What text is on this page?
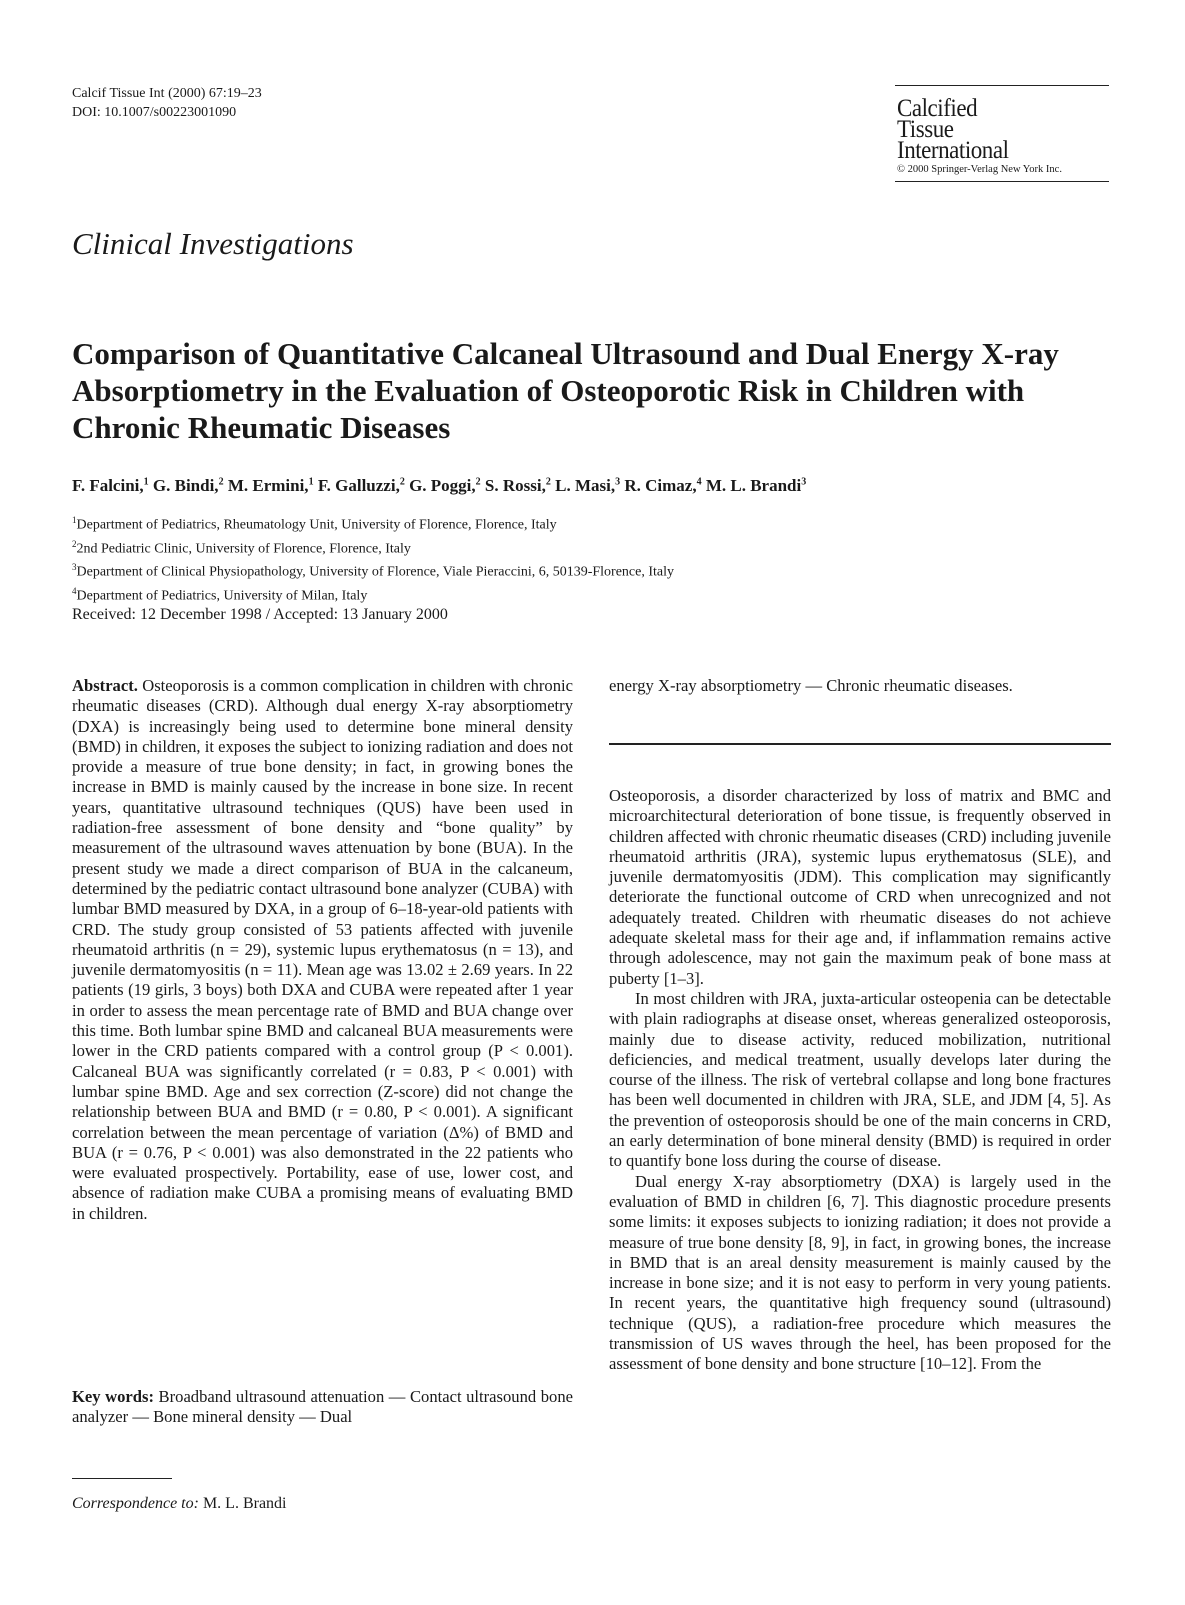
Calcif Tissue Int (2000) 67:19–23
DOI: 10.1007/s00223001090	Calcified
Tissue
International
© 2000 Springer-Verlag New York Inc.
Clinical Investigations
Comparison of Quantitative Calcaneal Ultrasound and Dual Energy X-ray Absorptiometry in the Evaluation of Osteoporotic Risk in Children with Chronic Rheumatic Diseases
F. Falcini,$^1$ G. Bindi,$^2$ M. Ermini,$^1$ F. Galluzzi,$^2$ G. Poggi,$^2$ S. Rossi,$^2$ L. Masi,$^3$ R. Cimaz,$^4$ M. L. Brandi$^3$
$^1$Department of Pediatrics, Rheumatology Unit, University of Florence, Florence, Italy
$^2$2nd Pediatric Clinic, University of Florence, Florence, Italy
$^3$Department of Clinical Physiopathology, University of Florence, Viale Pieraccini, 6, 50139-Florence, Italy
$^4$Department of Pediatrics, University of Milan, Italy
Received: 12 December 1998 / Accepted: 13 January 2000
Abstract. Osteoporosis is a common complication in children with chronic rheumatic diseases (CRD). Although dual energy X-ray absorptiometry (DXA) is increasingly being used to determine bone mineral density (BMD) in children, it exposes the subject to ionizing radiation and does not provide a measure of true bone density; in fact, in growing bones the increase in BMD is mainly caused by the increase in bone size. In recent years, quantitative ultrasound techniques (QUS) have been used in radiation-free assessment of bone density and “bone quality” by measurement of the ultrasound waves attenuation by bone (BUA). In the present study we made a direct comparison of BUA in the calcaneum, determined by the pediatric contact ultrasound bone analyzer (CUBA) with lumbar BMD measured by DXA, in a group of 6–18-year-old patients with CRD. The study group consisted of 53 patients affected with juvenile rheumatoid arthritis (n = 29), systemic lupus erythematosus (n = 13), and juvenile dermatomyositis (n = 11). Mean age was 13.02 ± 2.69 years. In 22 patients (19 girls, 3 boys) both DXA and CUBA were repeated after 1 year in order to assess the mean percentage rate of BMD and BUA change over this time. Both lumbar spine BMD and calcaneal BUA measurements were lower in the CRD patients compared with a control group (P < 0.001). Calcaneal BUA was significantly correlated (r = 0.83, P < 0.001) with lumbar spine BMD. Age and sex correction (Z-score) did not change the relationship between BUA and BMD (r = 0.80, P < 0.001). A significant correlation between the mean percentage of variation (Δ%) of BMD and BUA (r = 0.76, P < 0.001) was also demonstrated in the 22 patients who were evaluated prospectively. Portability, ease of use, lower cost, and absence of radiation make CUBA a promising means of evaluating BMD in children.
Key words: Broadband ultrasound attenuation — Contact ultrasound bone analyzer — Bone mineral density — Dual
Correspondence to: M. L. Brandi
energy X-ray absorptiometry — Chronic rheumatic diseases.

Osteoporosis, a disorder characterized by loss of matrix and BMC and microarchitectural deterioration of bone tissue, is frequently observed in children affected with chronic rheumatic diseases (CRD) including juvenile rheumatoid arthritis (JRA), systemic lupus erythematosus (SLE), and juvenile dermatomyositis (JDM). This complication may significantly deteriorate the functional outcome of CRD when unrecognized and not adequately treated. Children with rheumatic diseases do not achieve adequate skeletal mass for their age and, if inflammation remains active through adolescence, may not gain the maximum peak of bone mass at puberty [1–3].

In most children with JRA, juxta-articular osteopenia can be detectable with plain radiographs at disease onset, whereas generalized osteoporosis, mainly due to disease activity, reduced mobilization, nutritional deficiencies, and medical treatment, usually develops later during the course of the illness. The risk of vertebral collapse and long bone fractures has been well documented in children with JRA, SLE, and JDM [4, 5]. As the prevention of osteoporosis should be one of the main concerns in CRD, an early determination of bone mineral density (BMD) is required in order to quantify bone loss during the course of disease.

Dual energy X-ray absorptiometry (DXA) is largely used in the evaluation of BMD in children [6, 7]. This diagnostic procedure presents some limits: it exposes subjects to ionizing radiation; it does not provide a measure of true bone density [8, 9], in fact, in growing bones, the increase in BMD that is an areal density measurement is mainly caused by the increase in bone size; and it is not easy to perform in very young patients. In recent years, the quantitative high frequency sound (ultrasound) technique (QUS), a radiation-free procedure which measures the transmission of US waves through the heel, has been proposed for the assessment of bone density and bone structure [10–12]. From the
